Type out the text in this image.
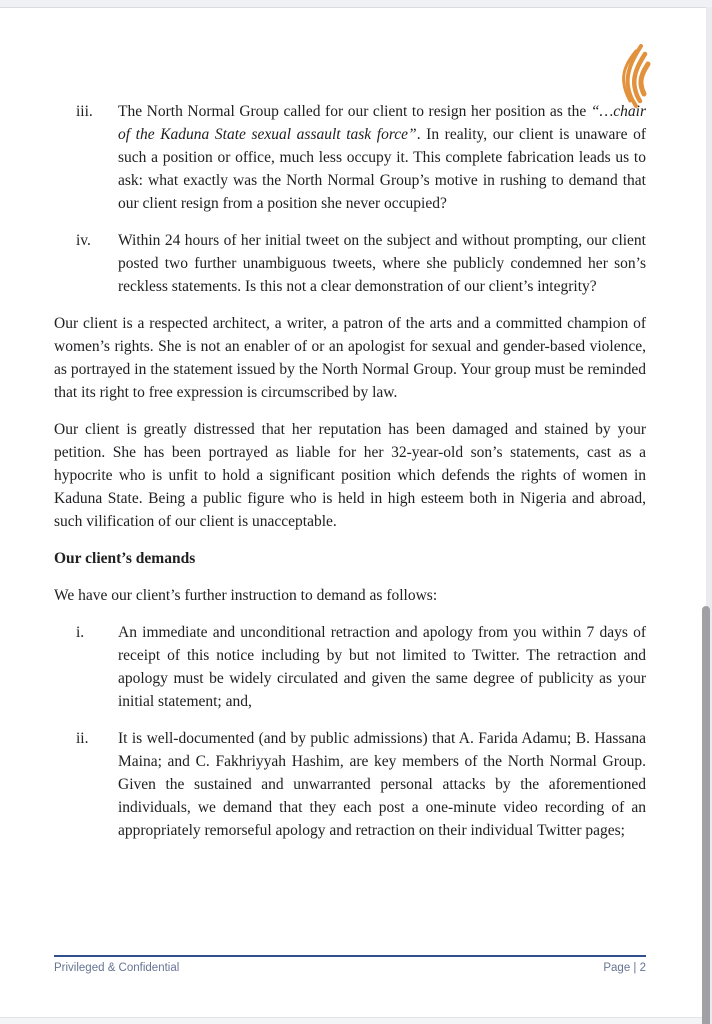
iii. The North Normal Group called for our client to resign her position as the “…chair of the Kaduna State sexual assault task force”. In reality, our client is unaware of such a position or office, much less occupy it. This complete fabrication leads us to ask: what exactly was the North Normal Group’s motive in rushing to demand that our client resign from a position she never occupied?
iv. Within 24 hours of her initial tweet on the subject and without prompting, our client posted two further unambiguous tweets, where she publicly condemned her son’s reckless statements. Is this not a clear demonstration of our client’s integrity?

Our client is a respected architect, a writer, a patron of the arts and a committed champion of women’s rights. She is not an enabler of or an apologist for sexual and gender-based violence, as portrayed in the statement issued by the North Normal Group. Your group must be reminded that its right to free expression is circumscribed by law.

Our client is greatly distressed that her reputation has been damaged and stained by your petition. She has been portrayed as liable for her 32-year-old son’s statements, cast as a hypocrite who is unfit to hold a significant position which defends the rights of women in Kaduna State. Being a public figure who is held in high esteem both in Nigeria and abroad, such vilification of our client is unacceptable.

Our client’s demands

We have our client’s further instruction to demand as follows:

i. An immediate and unconditional retraction and apology from you within 7 days of receipt of this notice including by but not limited to Twitter. The retraction and apology must be widely circulated and given the same degree of publicity as your initial statement; and,
ii. It is well-documented (and by public admissions) that A. Farida Adamu; B. Hassana Maina; and C. Fakhriyyah Hashim, are key members of the North Normal Group. Given the sustained and unwarranted personal attacks by the aforementioned individuals, we demand that they each post a one-minute video recording of an appropriately remorseful apology and retraction on their individual Twitter pages;
Privileged & Confidential	Page | 2
